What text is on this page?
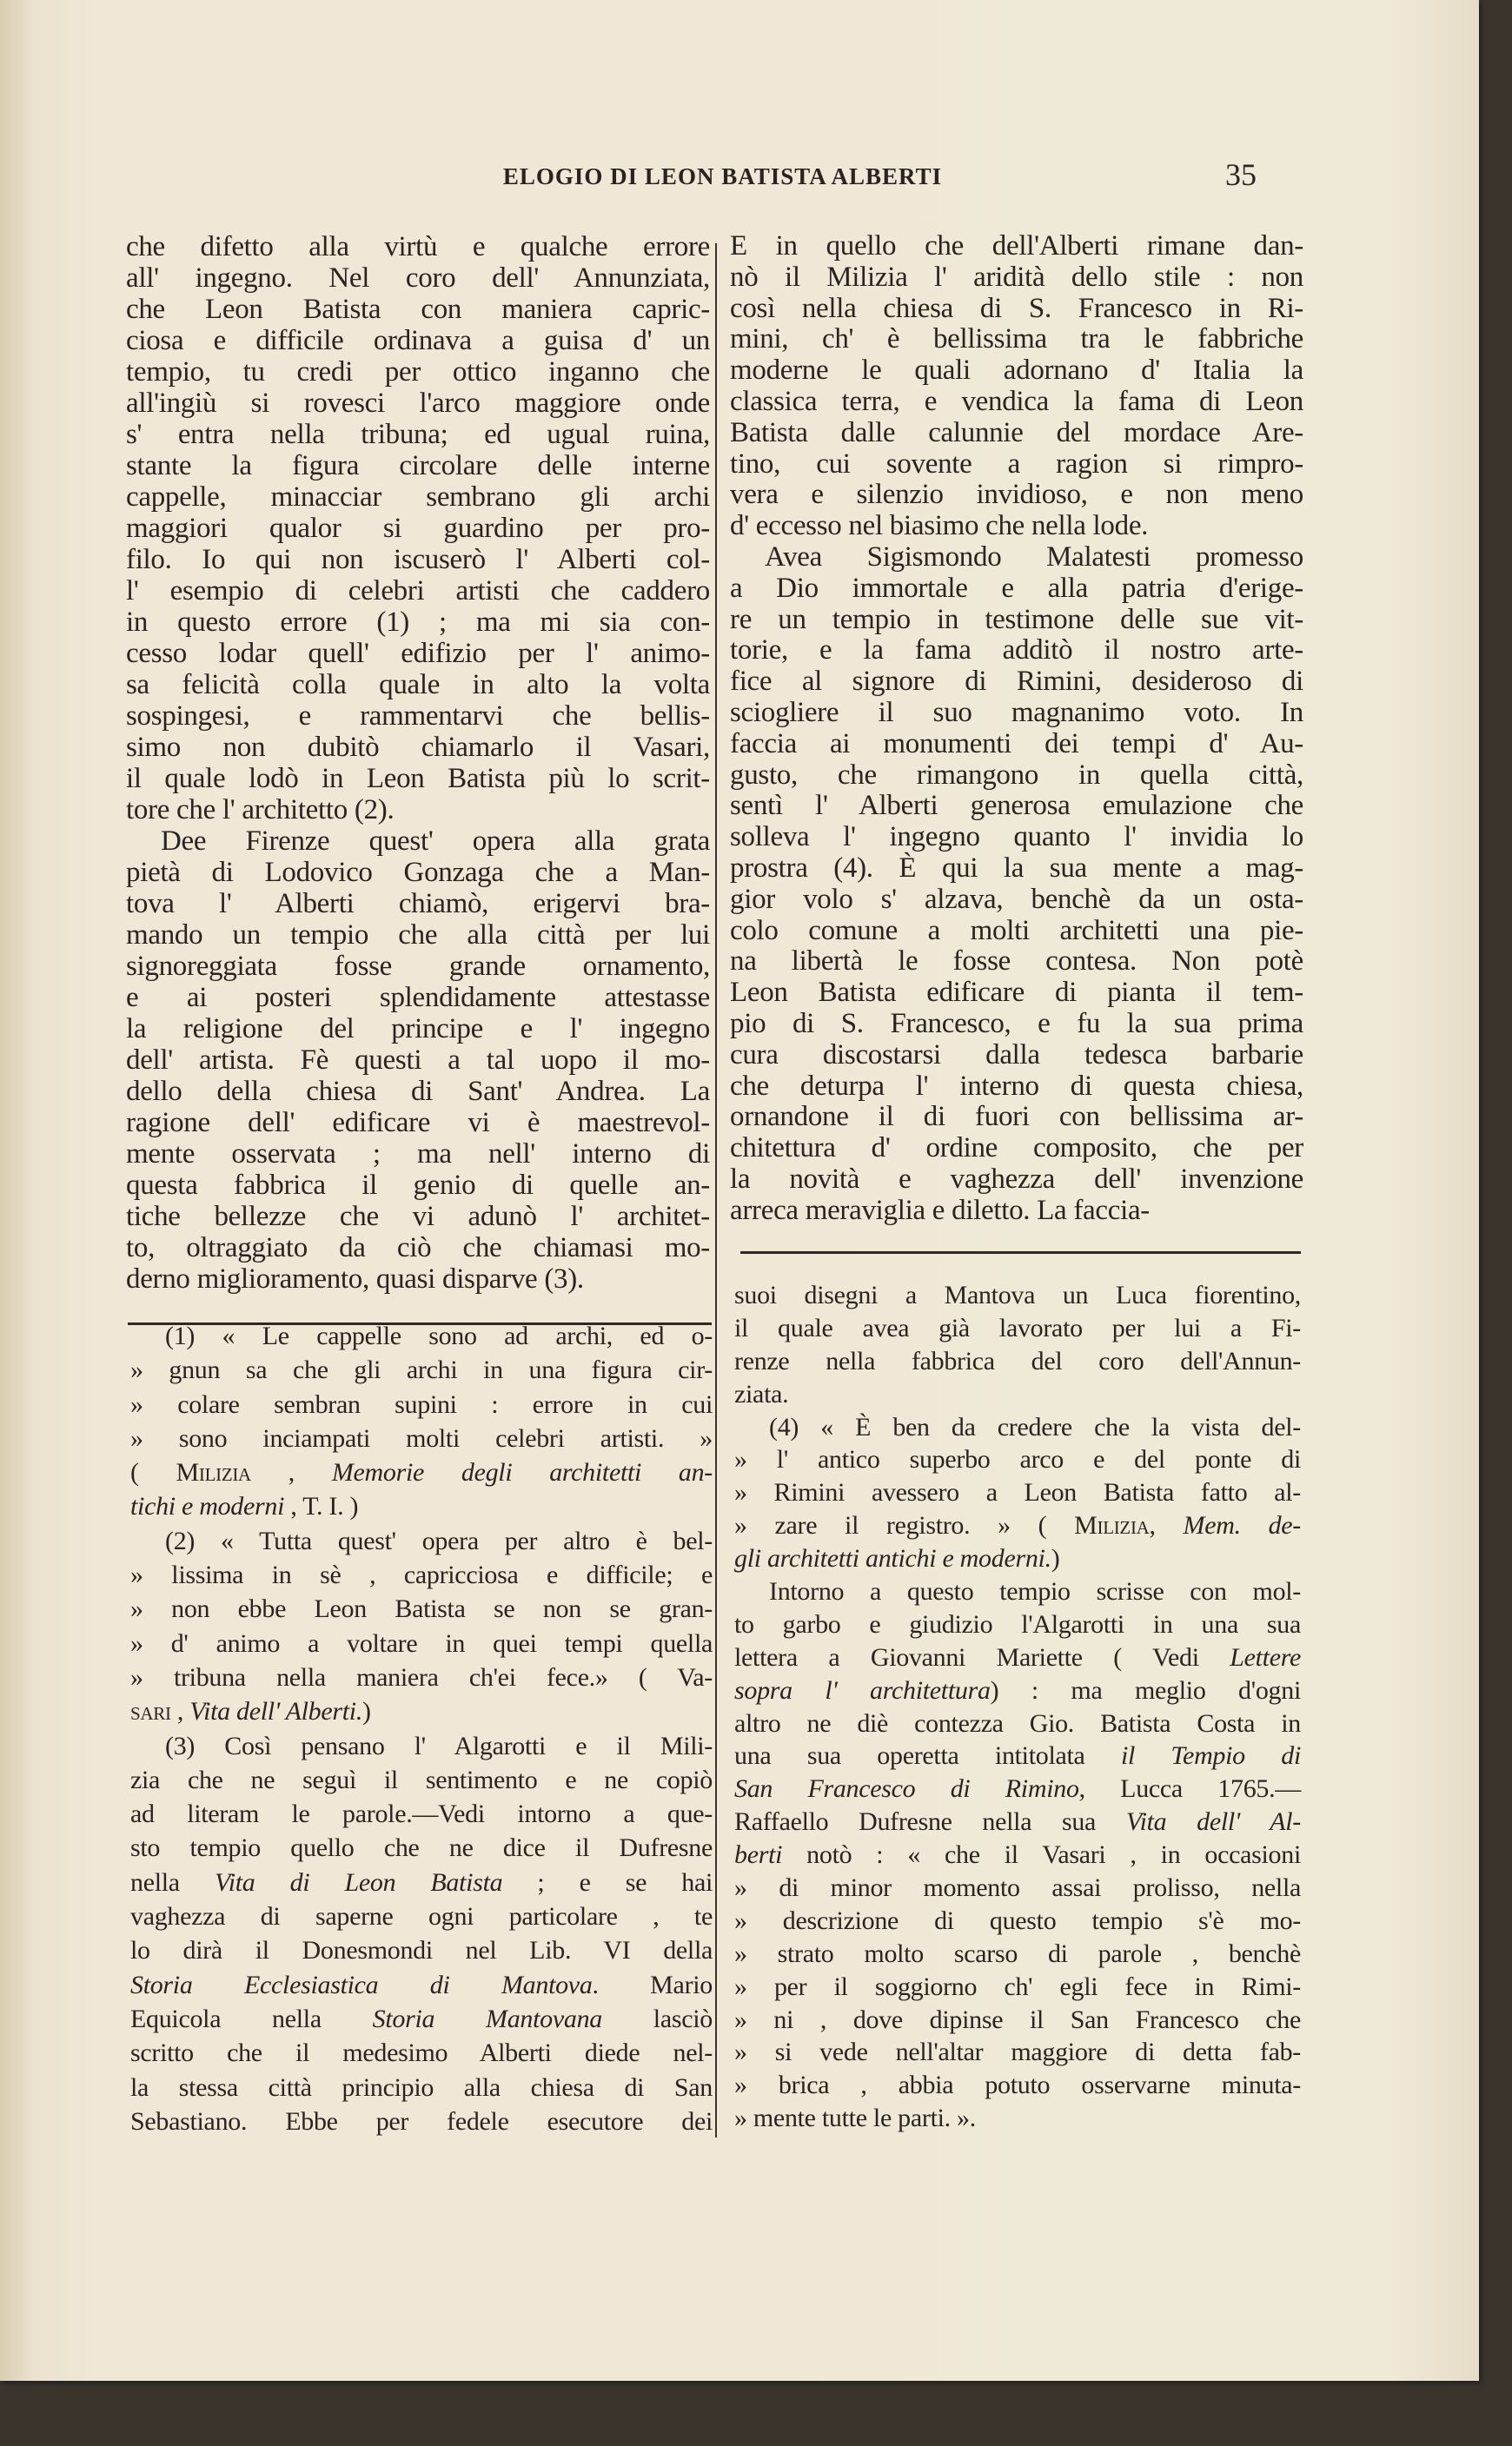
ELOGIO DI LEON BATISTA ALBERTI	35
che difetto alla virtù e qualche errore
all' ingegno. Nel coro dell' Annunziata,
che Leon Batista con maniera capric-
ciosa e difficile ordinava a guisa d' un
tempio, tu credi per ottico inganno che
all'ingiù si rovesci l'arco maggiore onde
s' entra nella tribuna; ed ugual ruina,
stante la figura circolare delle interne
cappelle, minacciar sembrano gli archi
maggiori qualor si guardino per pro-
filo. Io qui non iscuserò l' Alberti col-
l' esempio di celebri artisti che caddero
in questo errore (1) ; ma mi sia con-
cesso lodar quell' edifizio per l' animo-
sa felicità colla quale in alto la volta
sospingesi, e rammentarvi che bellis-
simo non dubitò chiamarlo il Vasari,
il quale lodò in Leon Batista più lo scrit-
tore che l' architetto (2).
Dee Firenze quest' opera alla grata
pietà di Lodovico Gonzaga che a Man-
tova l' Alberti chiamò, erigervi bra-
mando un tempio che alla città per lui
signoreggiata fosse grande ornamento,
e ai posteri splendidamente attestasse
la religione del principe e l' ingegno
dell' artista. Fè questi a tal uopo il mo-
dello della chiesa di Sant' Andrea. La
ragione dell' edificare vi è maestrevol-
mente osservata ; ma nell' interno di
questa fabbrica il genio di quelle an-
tiche bellezze che vi adunò l' architet-
to, oltraggiato da ciò che chiamasi mo-
derno miglioramento, quasi disparve (3).
E in quello che dell'Alberti rimane dan-
nò il Milizia l' aridità dello stile : non
così nella chiesa di S. Francesco in Ri-
mini, ch' è bellissima tra le fabbriche
moderne le quali adornano d' Italia la
classica terra, e vendica la fama di Leon
Batista dalle calunnie del mordace Are-
tino, cui sovente a ragion si rimpro-
vera e silenzio invidioso, e non meno
d' eccesso nel biasimo che nella lode.
Avea Sigismondo Malatesti promesso
a Dio immortale e alla patria d'erige-
re un tempio in testimone delle sue vit-
torie, e la fama additò il nostro arte-
fice al signore di Rimini, desideroso di
sciogliere il suo magnanimo voto. In
faccia ai monumenti dei tempi d' Au-
gusto, che rimangono in quella città,
sentì l' Alberti generosa emulazione che
solleva l' ingegno quanto l' invidia lo
prostra (4). È qui la sua mente a mag-
gior volo s' alzava, benchè da un osta-
colo comune a molti architetti una pie-
na libertà le fosse contesa. Non potè
Leon Batista edificare di pianta il tem-
pio di S. Francesco, e fu la sua prima
cura discostarsi dalla tedesca barbarie
che deturpa l' interno di questa chiesa,
ornandone il di fuori con bellissima ar-
chitettura d' ordine composito, che per
la novità e vaghezza dell' invenzione
arreca meraviglia e diletto. La faccia-
(1) « Le cappelle sono ad archi, ed o-
» gnun sa che gli archi in una figura cir-
» colare sembran supini : errore in cui
» sono inciampati molti celebri artisti. »
( Milizia , Memorie degli architetti an-
tichi e moderni , T. I. )
(2) « Tutta quest' opera per altro è bel-
» lissima in sè , capricciosa e difficile; e
» non ebbe Leon Batista se non se gran-
» d' animo a voltare in quei tempi quella
» tribuna nella maniera ch'ei fece.» ( Va-
sari , Vita dell' Alberti.)
(3) Così pensano l' Algarotti e il Mili-
zia che ne seguì il sentimento e ne copiò
ad literam le parole.—Vedi intorno a que-
sto tempio quello che ne dice il Dufresne
nella Vita di Leon Batista ; e se hai
vaghezza di saperne ogni particolare , te
lo dirà il Donesmondi nel Lib. VI della
Storia Ecclesiastica di Mantova. Mario
Equicola nella Storia Mantovana lasciò
scritto che il medesimo Alberti diede nel-
la stessa città principio alla chiesa di San
Sebastiano. Ebbe per fedele esecutore dei
suoi disegni a Mantova un Luca fiorentino,
il quale avea già lavorato per lui a Fi-
renze nella fabbrica del coro dell'Annun-
ziata.
(4) « È ben da credere che la vista del-
» l' antico superbo arco e del ponte di
» Rimini avessero a Leon Batista fatto al-
» zare il registro. » ( Milizia, Mem. de-
gli architetti antichi e moderni.)
Intorno a questo tempio scrisse con mol-
to garbo e giudizio l'Algarotti in una sua
lettera a Giovanni Mariette ( Vedi Lettere
sopra l' architettura) : ma meglio d'ogni
altro ne diè contezza Gio. Batista Costa in
una sua operetta intitolata il Tempio di
San Francesco di Rimino, Lucca 1765.—
Raffaello Dufresne nella sua Vita dell' Al-
berti notò : « che il Vasari , in occasioni
» di minor momento assai prolisso, nella
» descrizione di questo tempio s'è mo-
» strato molto scarso di parole , benchè
» per il soggiorno ch' egli fece in Rimi-
» ni , dove dipinse il San Francesco che
» si vede nell'altar maggiore di detta fab-
» brica , abbia potuto osservarne minuta-
» mente tutte le parti. ».
